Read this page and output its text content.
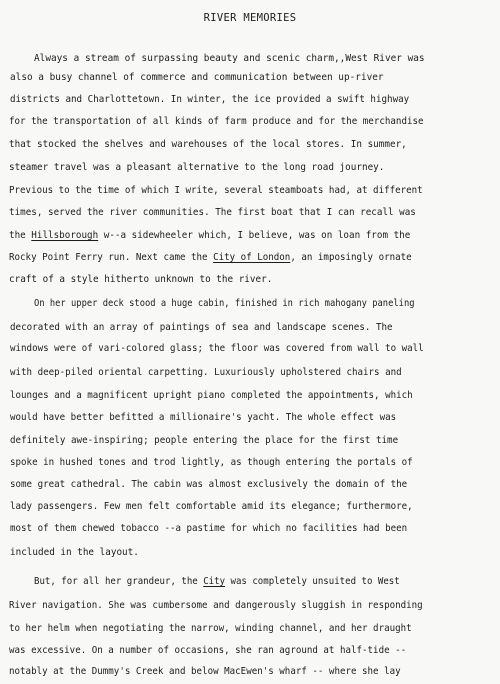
RIVER MEMORIES
Always a stream of surpassing beauty and scenic charm,,West River was
also a busy channel of commerce and communication between up-river
districts and Charlottetown. In winter, the ice provided a swift highway
for the transportation of all kinds of farm produce and for the merchandise
that stocked the shelves and warehouses of the local stores. In summer,
steamer travel was a pleasant alternative to the long road journey.
Previous to the time of which I write, several steamboats had, at different
times, served the river communities. The first boat that I can recall was
the Hillsborough w--a sidewheeler which, I believe, was on loan from the
Rocky Point Ferry run. Next came the City of London, an imposingly ornate
craft of a style hitherto unknown to the river.
On her upper deck stood a huge cabin, finished in rich mahogany paneling
decorated with an array of paintings of sea and landscape scenes. The
windows were of vari-colored glass; the floor was covered from wall to wall
with deep-piled oriental carpetting. Luxuriously upholstered chairs and
lounges and a magnificent upright piano completed the appointments, which
would have better befitted a millionaire's yacht. The whole effect was
definitely awe-inspiring; people entering the place for the first time
spoke in hushed tones and trod lightly, as though entering the portals of
some great cathedral. The cabin was almost exclusively the domain of the
lady passengers. Few men felt comfortable amid its elegance; furthermore,
most of them chewed tobacco --a pastime for which no facilities had been
included in the layout.
But, for all her grandeur, the City was completely unsuited to West
River navigation. She was cumbersome and dangerously sluggish in responding
to her helm when negotiating the narrow, winding channel, and her draught
was excessive. On a number of occasions, she ran aground at half-tide --
notably at the Dummy's Creek and below MacEwen's wharf -- where she lay
